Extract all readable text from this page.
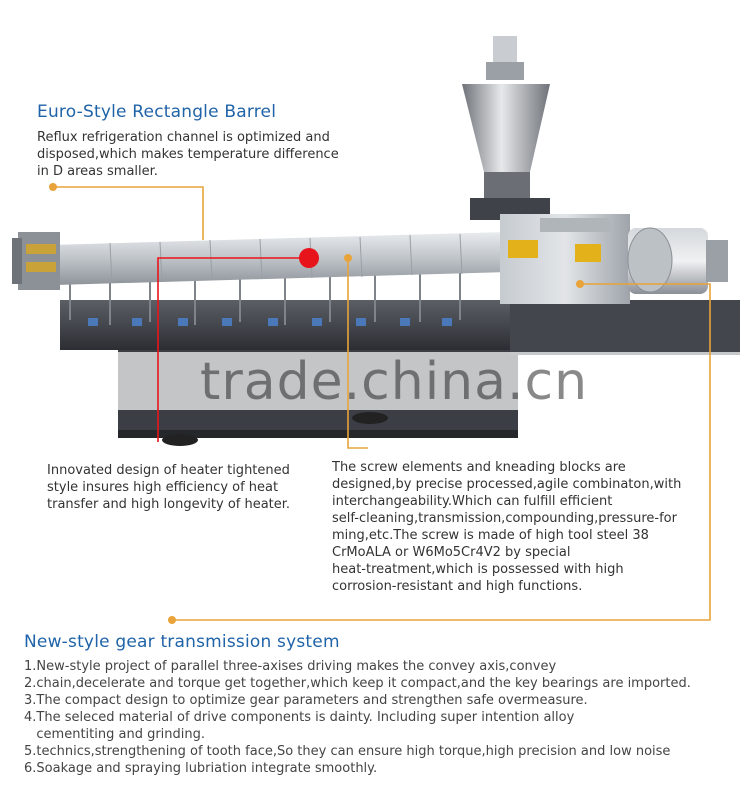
trade.china.cn
Euro-Style Rectangle Barrel
Reflux refrigeration channel is optimized and
disposed,which makes temperature difference
in D areas smaller.
Innovated design of heater tightened
style insures high efficiency of heat
transfer and high longevity of heater.
The screw elements and kneading blocks are
designed,by precise processed,agile combinaton,with
interchangeability.Which can fulfill efficient
self-cleaning,transmission,compounding,pressure-for
ming,etc.The screw is made of high tool steel 38
CrMoALA or W6Mo5Cr4V2 by special
heat-treatment,which is possessed with high
corrosion-resistant and high functions.
New-style gear transmission system
1.New-style project of parallel three-axises driving makes the convey axis,convey
2.chain,decelerate and torque get together,which keep it compact,and the key bearings are imported.
3.The compact design to optimize gear parameters and strengthen safe overmeasure.
4.The seleced material of drive components is dainty. Including super intention alloy
cementiting and grinding.
5.technics,strengthening of tooth face,So they can ensure high torque,high precision and low noise
6.Soakage and spraying lubriation integrate smoothly.
